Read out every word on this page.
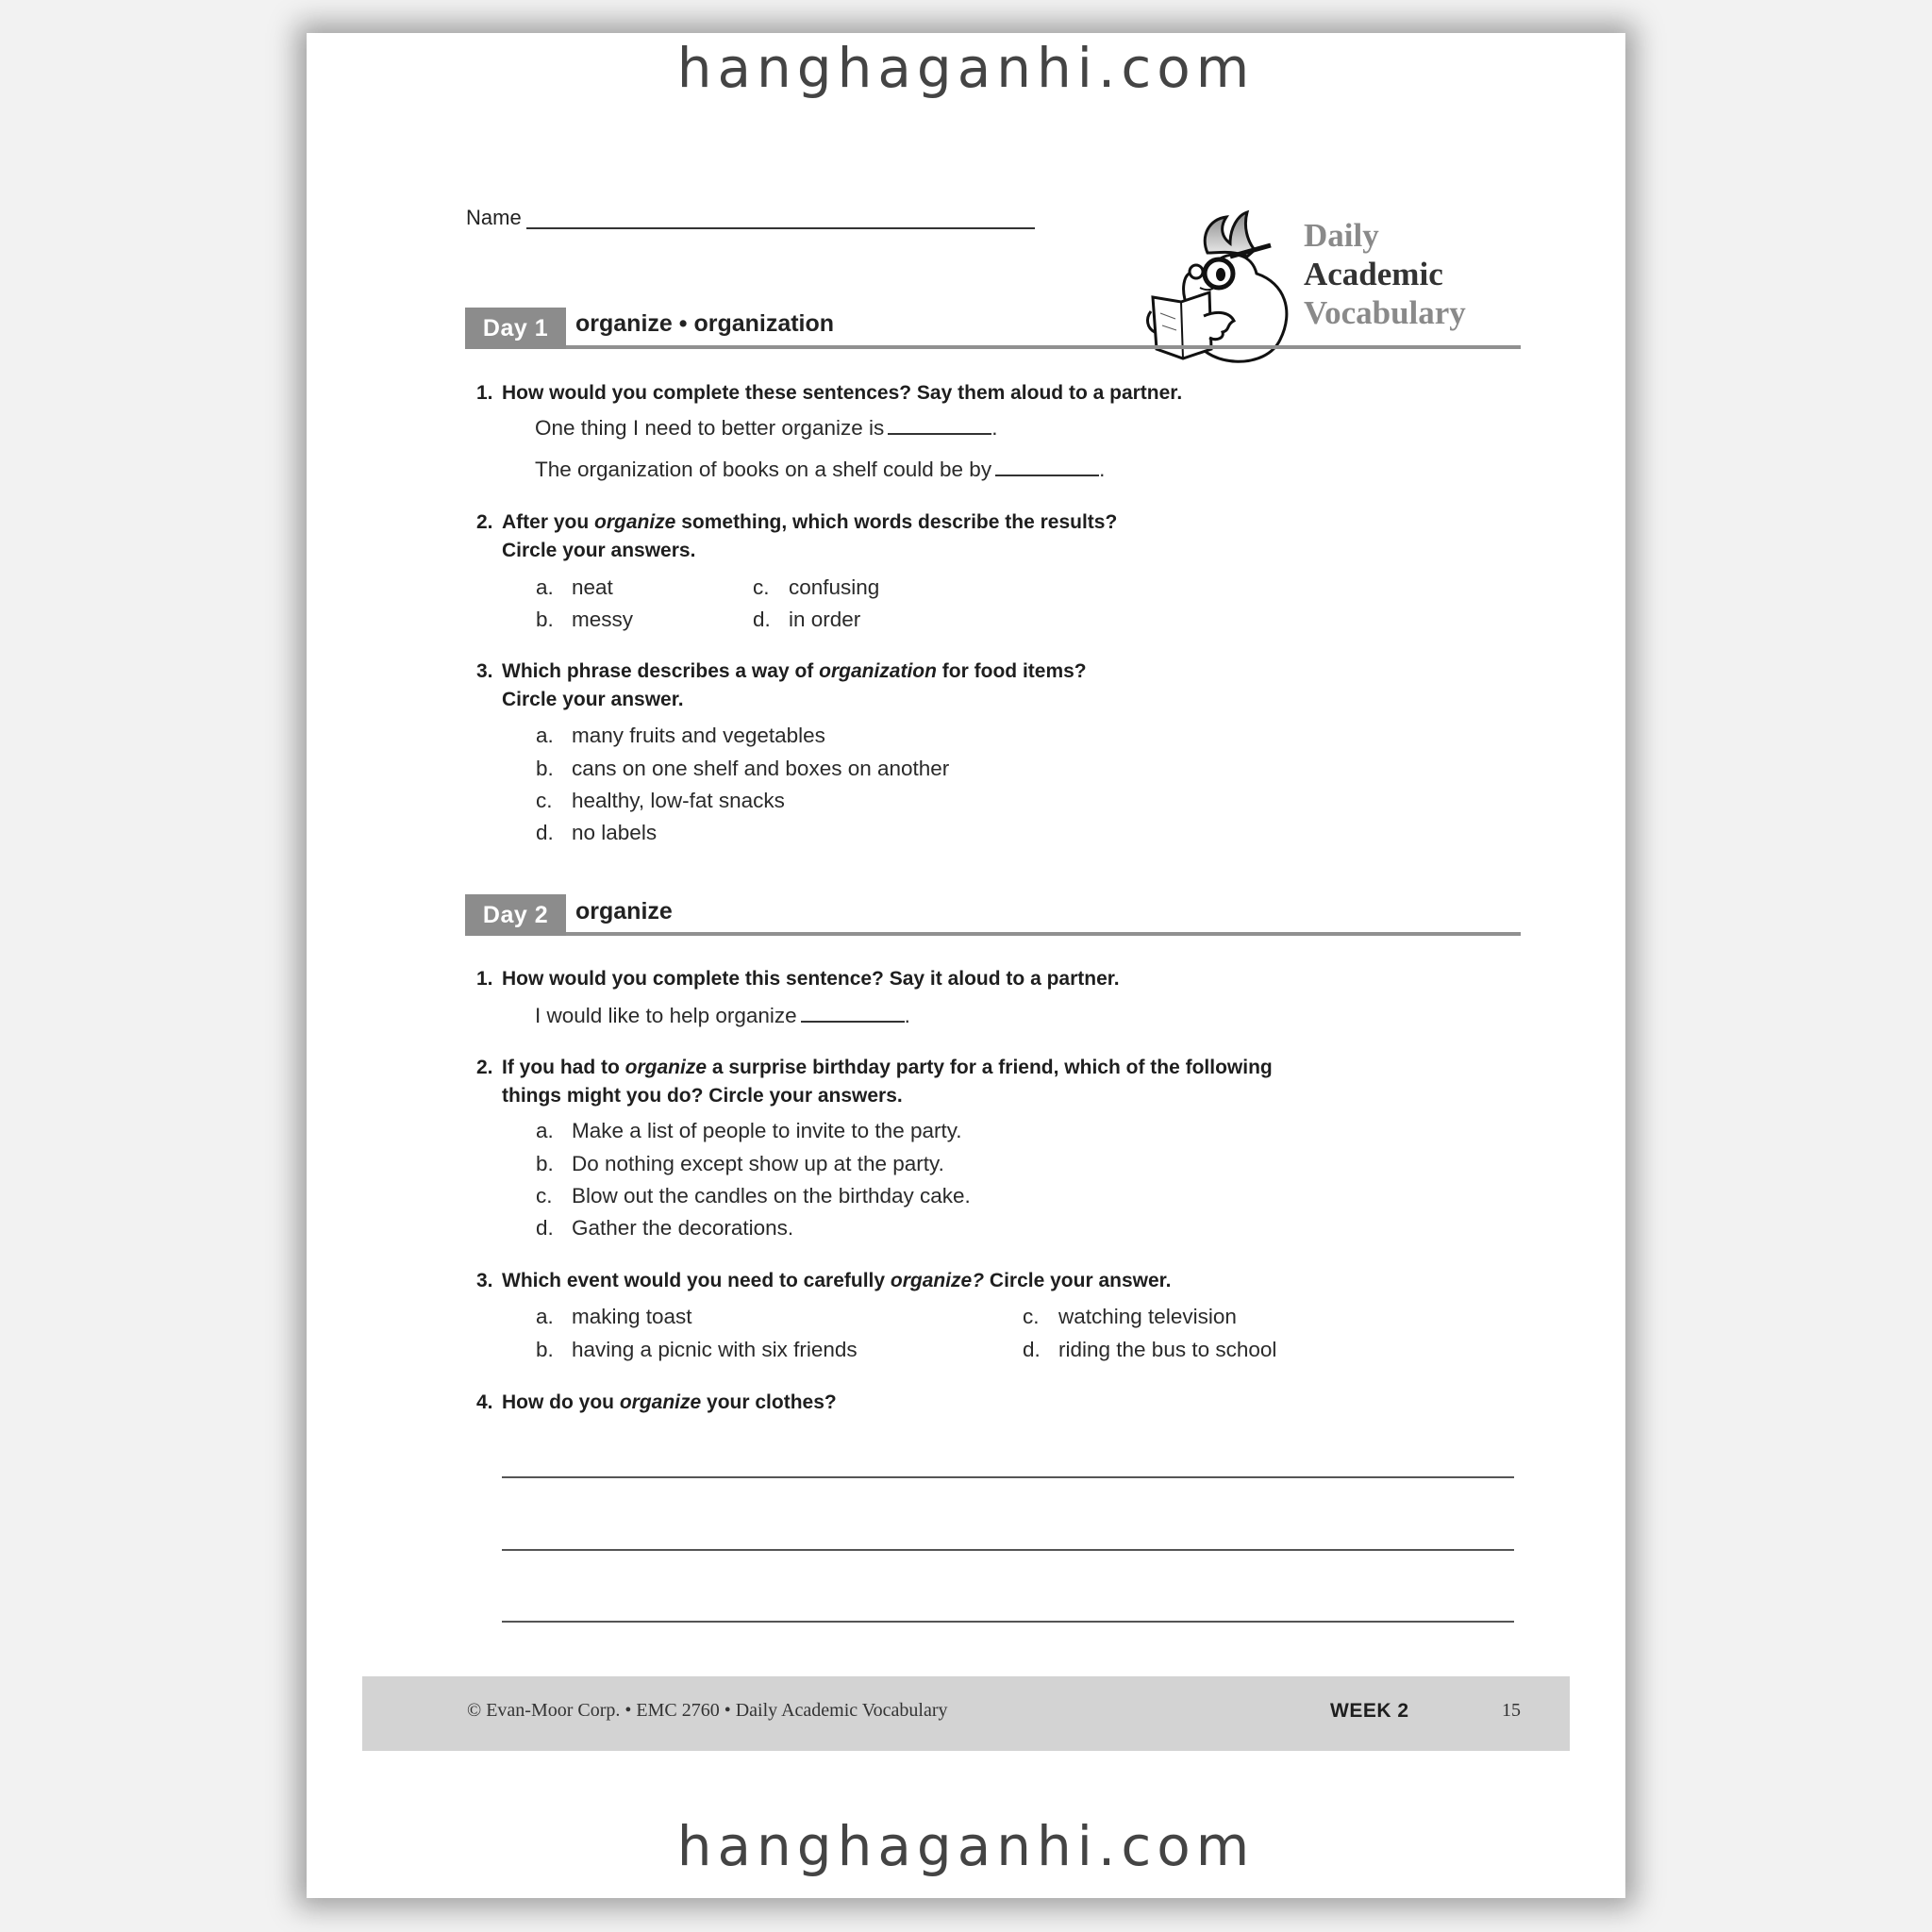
hanghaganhi.com
hanghaganhi.com
Name	Daily
Academic
Vocabulary
Day 1	organize • organization
1. How would you complete these sentences? Say them aloud to a partner.
One thing I need to better organize is	.
The organization of books on a shelf could be by	.
2. After you organize something, which words describe the results?
Circle your answers.
a. neat
b. messy
c. confusing
d. in order
3. Which phrase describes a way of organization for food items?
Circle your answer.
a. many fruits and vegetables
b. cans on one shelf and boxes on another
c. healthy, low-fat snacks
d. no labels
Day 2	organize
1. How would you complete this sentence? Say it aloud to a partner.
I would like to help organize	.
2. If you had to organize a surprise birthday party for a friend, which of the following
things might you do? Circle your answers.
a. Make a list of people to invite to the party.
b. Do nothing except show up at the party.
c. Blow out the candles on the birthday cake.
d. Gather the decorations.
3. Which event would you need to carefully organize? Circle your answer.
a. making toast
b. having a picnic with six friends
c. watching television
d. riding the bus to school
4. How do you organize your clothes?
© Evan-Moor Corp. • EMC 2760 • Daily Academic Vocabulary	WEEK 2	15
